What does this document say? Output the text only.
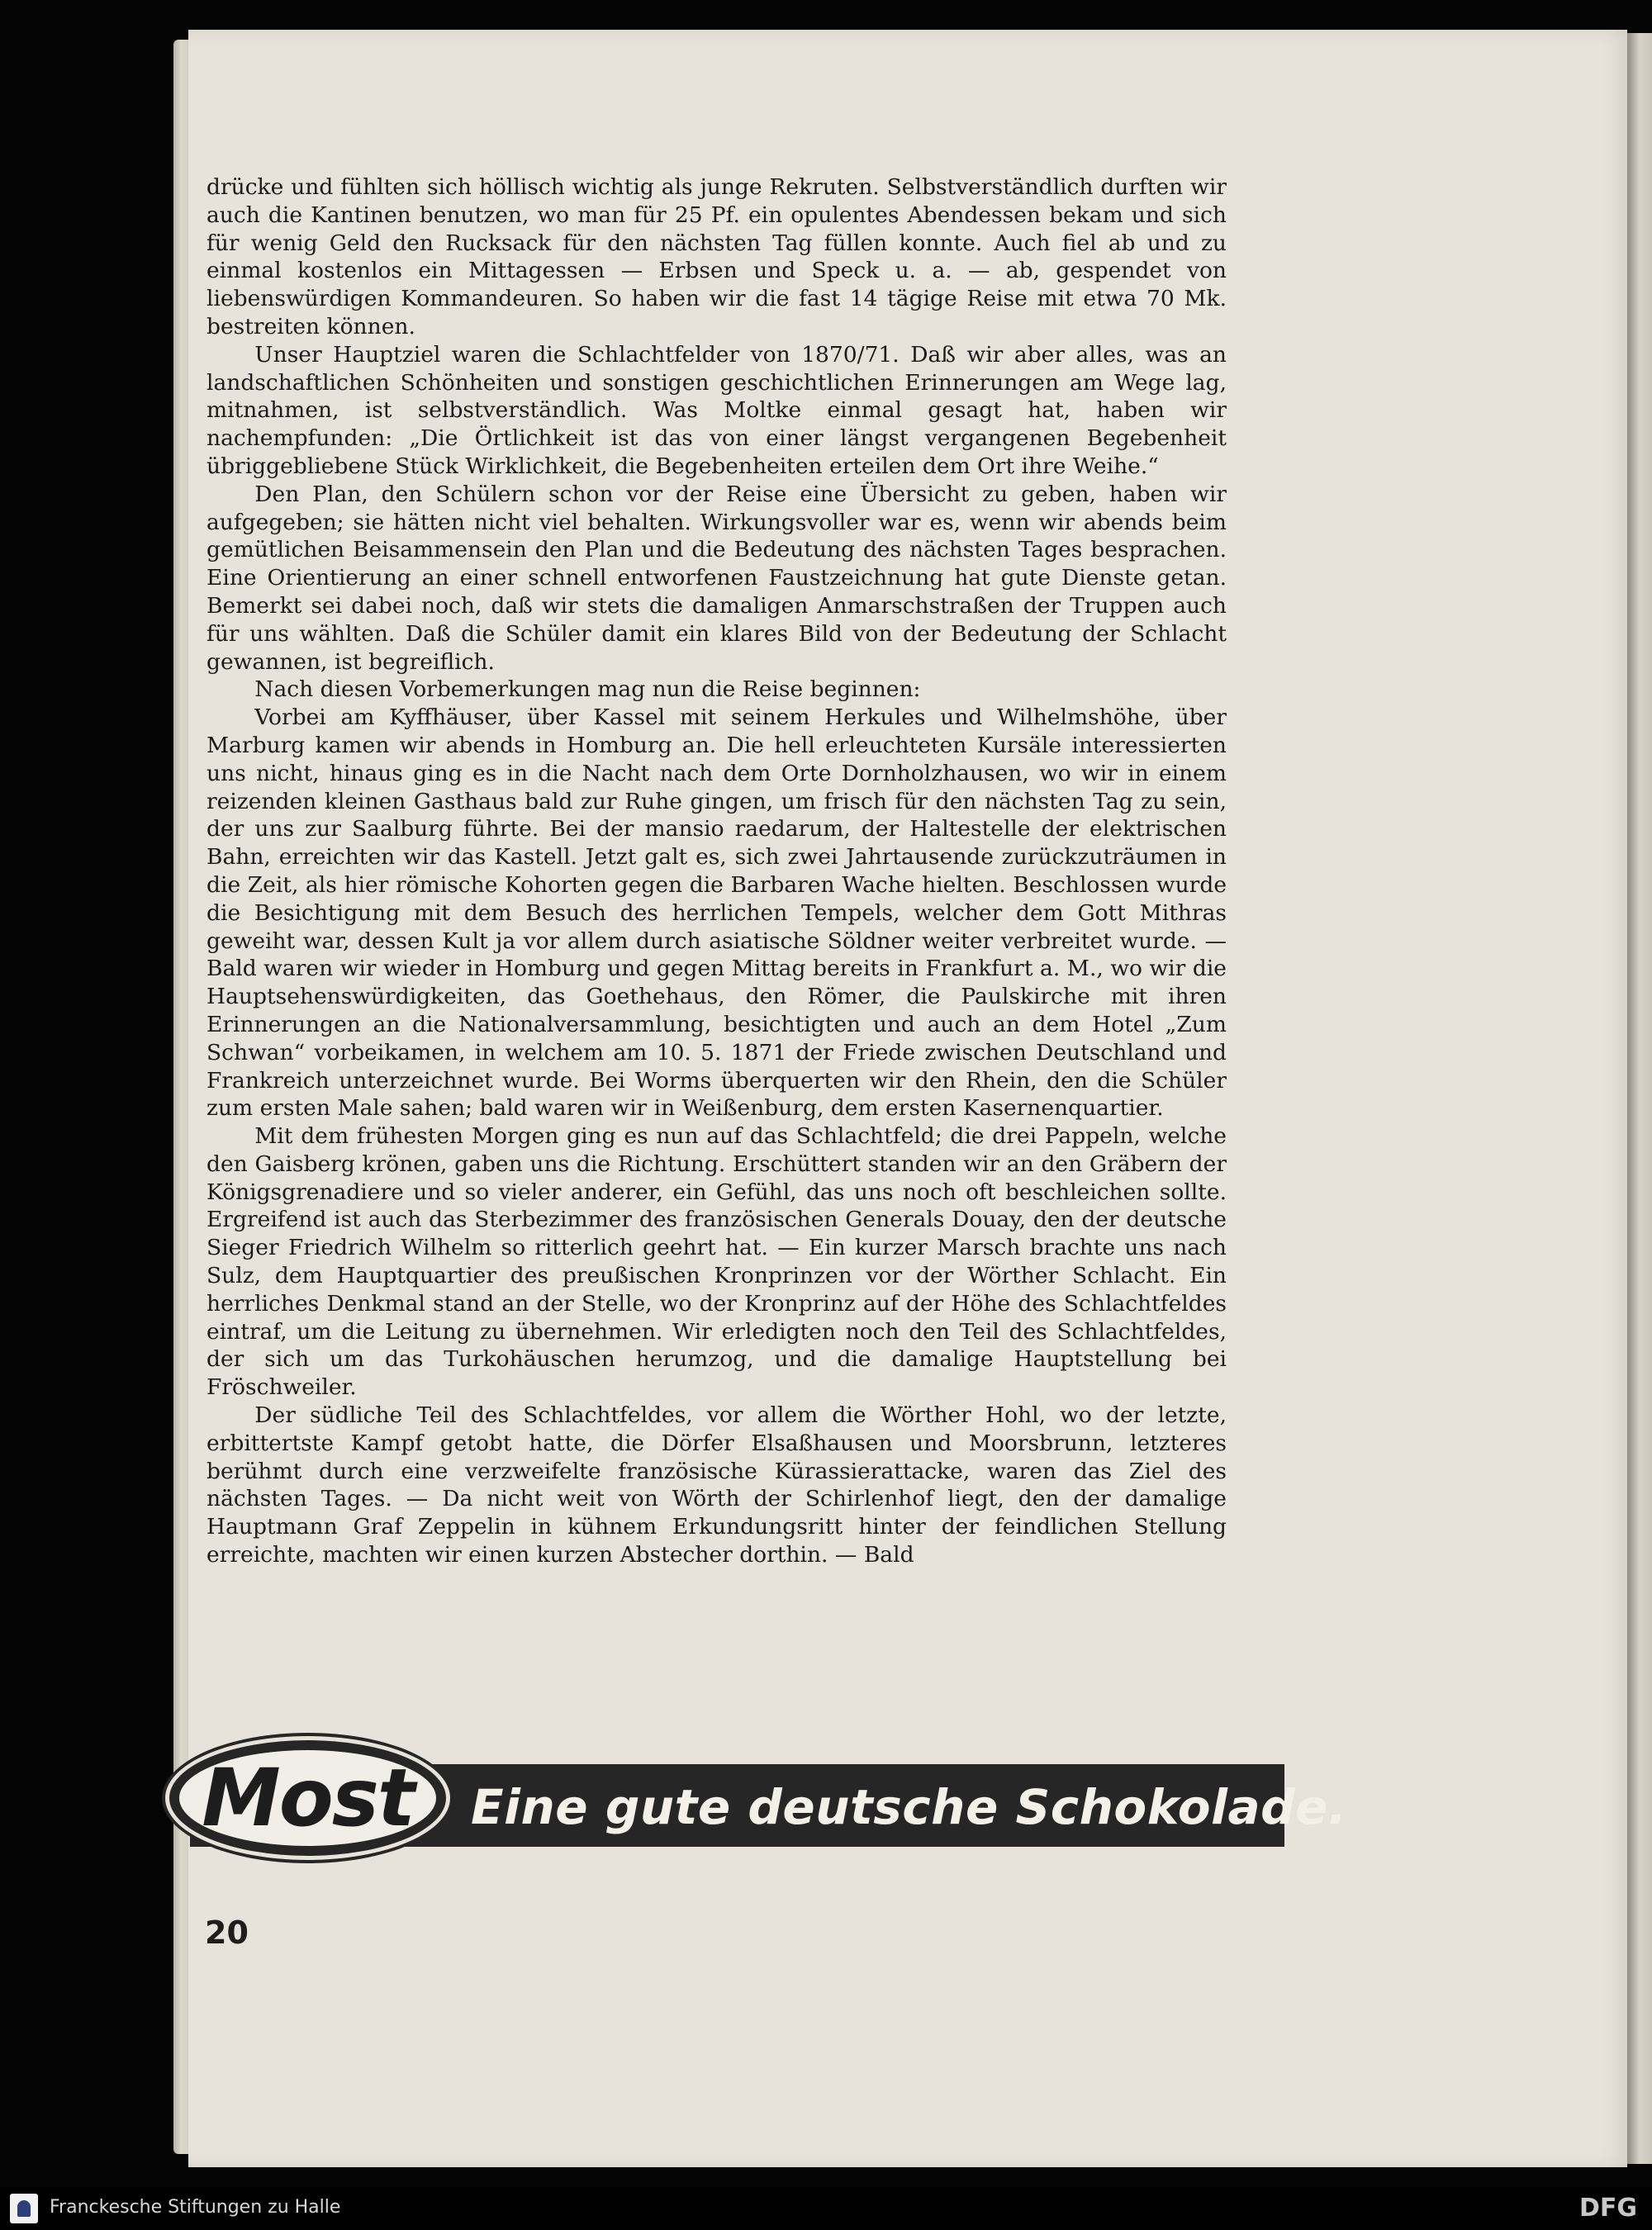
drücke und fühlten sich höllisch wichtig als junge Rekruten. Selbstverständlich durften wir auch die Kantinen benutzen, wo man für 25 Pf. ein opulentes Abendessen bekam und sich für wenig Geld den Rucksack für den nächsten Tag füllen konnte. Auch fiel ab und zu einmal kostenlos ein Mittagessen — Erbsen und Speck u. a. — ab, gespendet von liebenswürdigen Kommandeuren. So haben wir die fast 14 tägige Reise mit etwa 70 Mk. bestreiten können.

Unser Hauptziel waren die Schlachtfelder von 1870/71. Daß wir aber alles, was an landschaftlichen Schönheiten und sonstigen geschichtlichen Erinnerungen am Wege lag, mitnahmen, ist selbstverständlich. Was Moltke einmal gesagt hat, haben wir nachempfunden: „Die Örtlichkeit ist das von einer längst vergangenen Begebenheit übriggebliebene Stück Wirklichkeit, die Begebenheiten erteilen dem Ort ihre Weihe.“

Den Plan, den Schülern schon vor der Reise eine Übersicht zu geben, haben wir aufgegeben; sie hätten nicht viel behalten. Wirkungsvoller war es, wenn wir abends beim gemütlichen Beisammensein den Plan und die Bedeutung des nächsten Tages besprachen. Eine Orientierung an einer schnell entworfenen Faustzeichnung hat gute Dienste getan. Bemerkt sei dabei noch, daß wir stets die damaligen Anmarschstraßen der Truppen auch für uns wählten. Daß die Schüler damit ein klares Bild von der Bedeutung der Schlacht gewannen, ist begreiflich.

Nach diesen Vorbemerkungen mag nun die Reise beginnen:

Vorbei am Kyffhäuser, über Kassel mit seinem Herkules und Wilhelmshöhe, über Marburg kamen wir abends in Homburg an. Die hell erleuchteten Kursäle interessierten uns nicht, hinaus ging es in die Nacht nach dem Orte Dornholzhausen, wo wir in einem reizenden kleinen Gasthaus bald zur Ruhe gingen, um frisch für den nächsten Tag zu sein, der uns zur Saalburg führte. Bei der mansio raedarum, der Haltestelle der elektrischen Bahn, erreichten wir das Kastell. Jetzt galt es, sich zwei Jahrtausende zurückzuträumen in die Zeit, als hier römische Kohorten gegen die Barbaren Wache hielten. Beschlossen wurde die Besichtigung mit dem Besuch des herrlichen Tempels, welcher dem Gott Mithras geweiht war, dessen Kult ja vor allem durch asiatische Söldner weiter verbreitet wurde. — Bald waren wir wieder in Homburg und gegen Mittag bereits in Frankfurt a. M., wo wir die Hauptsehenswürdigkeiten, das Goethehaus, den Römer, die Paulskirche mit ihren Erinnerungen an die Nationalversammlung, besichtigten und auch an dem Hotel „Zum Schwan“ vorbeikamen, in welchem am 10. 5. 1871 der Friede zwischen Deutschland und Frankreich unterzeichnet wurde. Bei Worms überquerten wir den Rhein, den die Schüler zum ersten Male sahen; bald waren wir in Weißenburg, dem ersten Kasernenquartier.

Mit dem frühesten Morgen ging es nun auf das Schlachtfeld; die drei Pappeln, welche den Gaisberg krönen, gaben uns die Richtung. Erschüttert standen wir an den Gräbern der Königsgrenadiere und so vieler anderer, ein Gefühl, das uns noch oft beschleichen sollte. Ergreifend ist auch das Sterbezimmer des französischen Generals Douay, den der deutsche Sieger Friedrich Wilhelm so ritterlich geehrt hat. — Ein kurzer Marsch brachte uns nach Sulz, dem Hauptquartier des preußischen Kronprinzen vor der Wörther Schlacht. Ein herrliches Denkmal stand an der Stelle, wo der Kronprinz auf der Höhe des Schlachtfeldes eintraf, um die Leitung zu übernehmen. Wir erledigten noch den Teil des Schlachtfeldes, der sich um das Turkohäuschen herumzog, und die damalige Hauptstellung bei Fröschweiler.

Der südliche Teil des Schlachtfeldes, vor allem die Wörther Hohl, wo der letzte, erbittertste Kampf getobt hatte, die Dörfer Elsaßhausen und Moorsbrunn, letzteres berühmt durch eine verzweifelte französische Kürassierattacke, waren das Ziel des nächsten Tages. — Da nicht weit von Wörth der Schirlenhof liegt, den der damalige Hauptmann Graf Zeppelin in kühnem Erkundungsritt hinter der feindlichen Stellung erreichte, machten wir einen kurzen Abstecher dorthin. — Bald

Most Eine gute deutsche Schokolade.
20
Franckesche Stiftungen zu Halle	DFG
